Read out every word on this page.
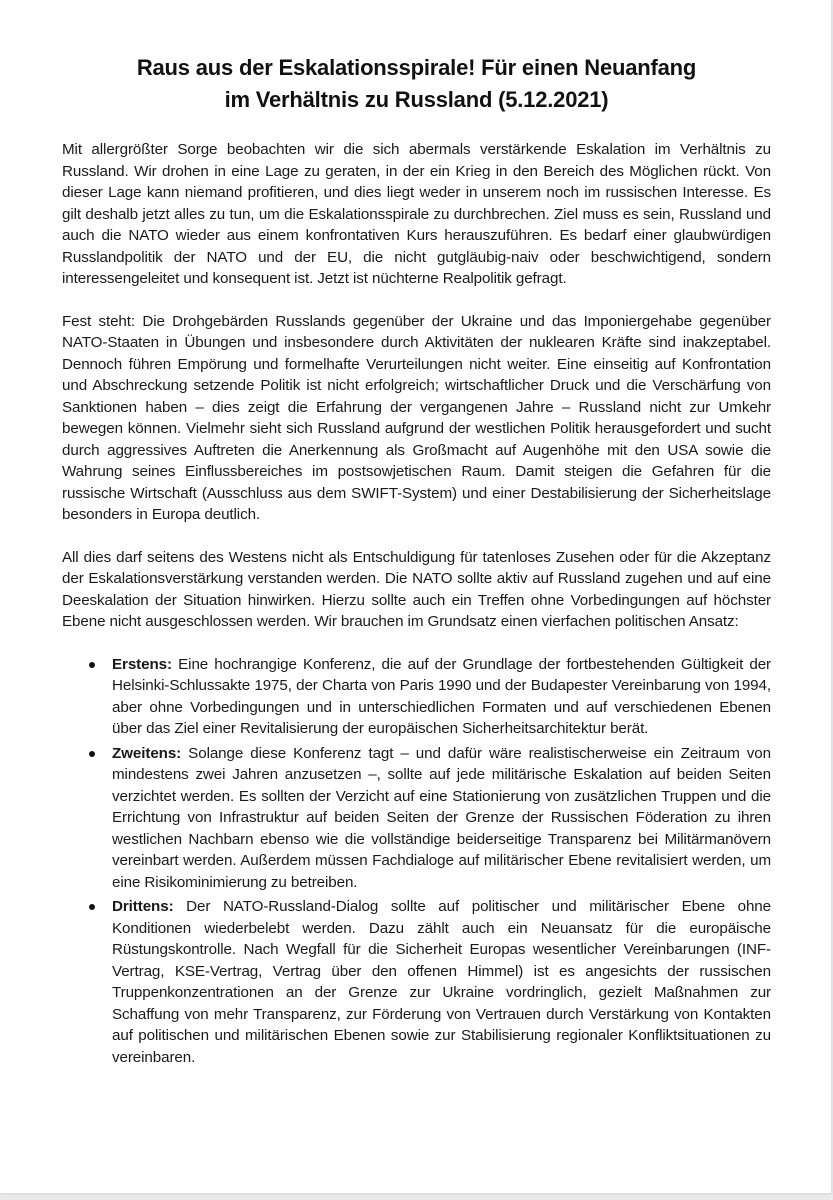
Raus aus der Eskalationsspirale! Für einen Neuanfang
im Verhältnis zu Russland (5.12.2021)

Mit allergrößter Sorge beobachten wir die sich abermals verstärkende Eskalation im Verhältnis zu Russland. Wir drohen in eine Lage zu geraten, in der ein Krieg in den Bereich des Möglichen rückt. Von dieser Lage kann niemand profitieren, und dies liegt weder in unserem noch im russischen Interesse. Es gilt deshalb jetzt alles zu tun, um die Eskalationsspirale zu durchbrechen. Ziel muss es sein, Russland und auch die NATO wieder aus einem konfrontativen Kurs herauszuführen. Es bedarf einer glaubwürdigen Russlandpolitik der NATO und der EU, die nicht gutgläubig-naiv oder beschwichtigend, sondern interessengeleitet und konsequent ist. Jetzt ist nüchterne Realpolitik gefragt.

Fest steht: Die Drohgebärden Russlands gegenüber der Ukraine und das Imponiergehabe gegenüber NATO-Staaten in Übungen und insbesondere durch Aktivitäten der nuklearen Kräfte sind inakzeptabel. Dennoch führen Empörung und formelhafte Verurteilungen nicht weiter. Eine einseitig auf Konfrontation und Abschreckung setzende Politik ist nicht erfolgreich; wirtschaftlicher Druck und die Verschärfung von Sanktionen haben – dies zeigt die Erfahrung der vergangenen Jahre – Russland nicht zur Umkehr bewegen können. Vielmehr sieht sich Russland aufgrund der westlichen Politik herausgefordert und sucht durch aggressives Auftreten die Anerkennung als Großmacht auf Augenhöhe mit den USA sowie die Wahrung seines Einflussbereiches im postsowjetischen Raum. Damit steigen die Gefahren für die russische Wirtschaft (Ausschluss aus dem SWIFT-System) und einer Destabilisierung der Sicherheitslage besonders in Europa deutlich.

All dies darf seitens des Westens nicht als Entschuldigung für tatenloses Zusehen oder für die Akzeptanz der Eskalationsverstärkung verstanden werden. Die NATO sollte aktiv auf Russland zugehen und auf eine Deeskalation der Situation hinwirken. Hierzu sollte auch ein Treffen ohne Vorbedingungen auf höchster Ebene nicht ausgeschlossen werden. Wir brauchen im Grundsatz einen vierfachen politischen Ansatz:

Erstens: Eine hochrangige Konferenz, die auf der Grundlage der fortbestehenden Gültigkeit der Helsinki-Schlussakte 1975, der Charta von Paris 1990 und der Budapester Vereinbarung von 1994, aber ohne Vorbedingungen und in unterschiedlichen Formaten und auf verschiedenen Ebenen über das Ziel einer Revitalisierung der europäischen Sicherheitsarchitektur berät.
Zweitens: Solange diese Konferenz tagt – und dafür wäre realistischerweise ein Zeitraum von mindestens zwei Jahren anzusetzen –, sollte auf jede militärische Eskalation auf beiden Seiten verzichtet werden. Es sollten der Verzicht auf eine Stationierung von zusätzlichen Truppen und die Errichtung von Infrastruktur auf beiden Seiten der Grenze der Russischen Föderation zu ihren westlichen Nachbarn ebenso wie die vollständige beiderseitige Transparenz bei Militärmanövern vereinbart werden. Außerdem müssen Fachdialoge auf militärischer Ebene revitalisiert werden, um eine Risikominimierung zu betreiben.
Drittens: Der NATO-Russland-Dialog sollte auf politischer und militärischer Ebene ohne Konditionen wiederbelebt werden. Dazu zählt auch ein Neuansatz für die europäische Rüstungskontrolle. Nach Wegfall für die Sicherheit Europas wesentlicher Vereinbarungen (INF-Vertrag, KSE-Vertrag, Vertrag über den offenen Himmel) ist es angesichts der russischen Truppenkonzentrationen an der Grenze zur Ukraine vordringlich, gezielt Maßnahmen zur Schaffung von mehr Transparenz, zur Förderung von Vertrauen durch Verstärkung von Kontakten auf politischen und militärischen Ebenen sowie zur Stabilisierung regionaler Konfliktsituationen zu vereinbaren.
